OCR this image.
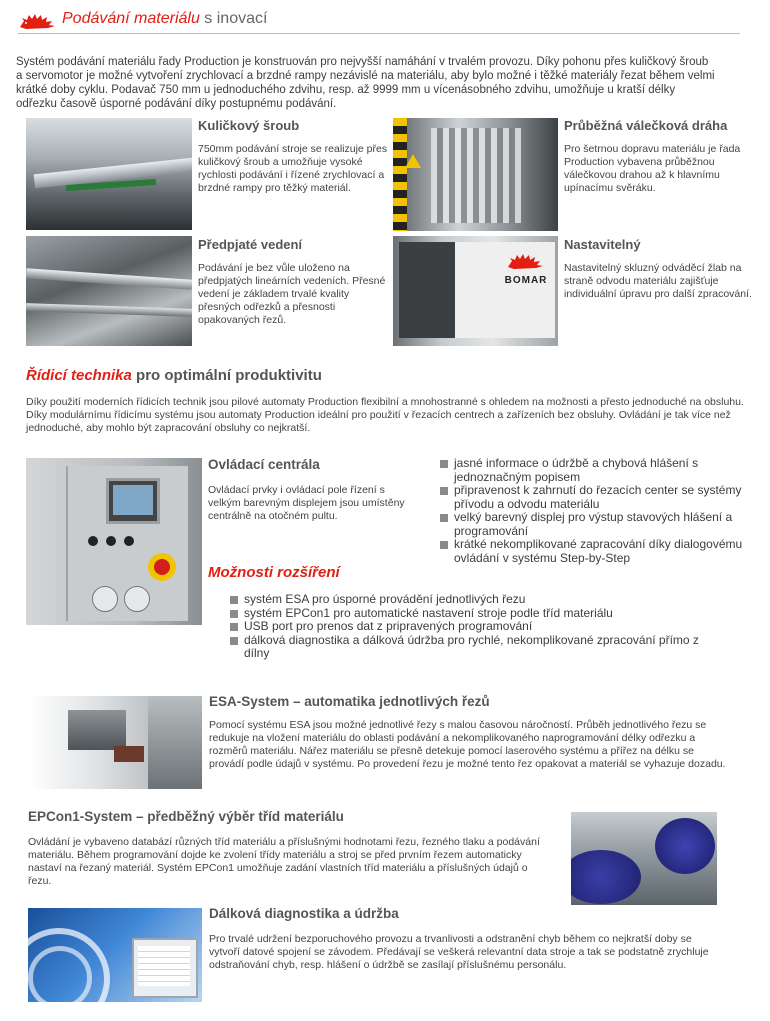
Podávání materiálu s inovací
Systém podávání materiálu řady Production je konstruován pro nejvyšší namáhání v trvalém provozu. Díky pohonu přes kuličkový šroub a servomotor je možné vytvoření zrychlovací a brzdné rampy nezávislé na materiálu, aby bylo možné i těžké materiály řezat během velmi krátké doby cyklu. Podavač 750 mm u jednoduchého zdvihu, resp. až 9999 mm u vícenásobného zdvihu, umožňuje u kratší délky odřezku časově úsporné podávání díky postupnému podávání.
BOMAR
Kuličkový šroub
750mm podávání stroje se realizuje přes kuličkový šroub a umožňuje vysoké rychlosti podávání i řízené zrychlovací a brzdné rampy pro těžký materiál.
Průběžná válečková dráha
Pro šetrnou dopravu materiálu je řada Production vybavena průběžnou válečkovou drahou až k hlavnímu upínacímu svěráku.
Předpjaté vedení
Podávání je bez vůle uloženo na předpjatých lineárních vedeních. Přesné vedení je základem trvalé kvality přesných odřezků a přesnosti opakovaných řezů.
Nastavitelný
Nastavitelný skluzný odváděcí žlab na straně odvodu materiálu zajišťuje individuální úpravu pro další zpracování.
Řídicí technika pro optimální produktivitu
Díky použití moderních řídicích technik jsou pilové automaty Production flexibilní a mnohostranné s ohledem na možnosti a přesto jednoduché na obsluhu. Díky modulárnímu řídicímu systému jsou automaty Production ideální pro použití v řezacích centrech a zařízeních bez obsluhy. Ovládání je tak více než jednoduché, aby mohlo být zapracování obsluhy co nejkratší.
Ovládací centrála
Ovládací prvky i ovládací pole řízení s velkým barevným displejem jsou umístěny centrálně na otočném pultu.
jasné informace o údržbě a chybová hlášení s jednoznačným popisem
připravenost k zahrnutí do řezacích center se systémy přívodu a odvodu materiálu
velký barevný displej pro výstup stavových hlášení a programování
krátké nekomplikované zapracování díky dialogovému ovládání v systému Step-by-Step
Možnosti rozšíření
systém ESA pro úsporné provádění jednotlivých řezu
systém EPCon1 pro automatické nastavení stroje podle tříd materiálu
USB port pro prenos dat z pripravených programování
dálková diagnostika a dálková údržba pro rychlé, nekomplikované zpracování přímo z dílny
ESA-System – automatika jednotlivých řezů
Pomocí systému ESA jsou možné jednotlivé řezy s malou časovou náročností. Průběh jednotlivého řezu se redukuje na vložení materiálu do oblasti podávání a nekomplikovaného naprogramování délky odřezku a rozměrů materiálu. Nářez materiálu se přesně detekuje pomocí laserového systému a přířez na délku se provádí podle údajů v systému. Po provedení řezu je možné tento řez opakovat a materiál se vyhazuje dozadu.
EPCon1-System – předběžný výběr tříd materiálu
Ovládání je vybaveno databází různých tříd materiálu a příslušnými hodnotami řezu, řezného tlaku a podávání materiálu. Během programování dojde ke zvolení třídy materiálu a stroj se před prvním řezem automaticky nastaví na řezaný materiál. Systém EPCon1 umožňuje zadání vlastních tříd materiálu a příslušných údajů o řezu.
Dálková diagnostika a údržba
Pro trvalé udržení bezporuchového provozu a trvanlivosti a odstranění chyb během co nejkratší doby se vytvoří datové spojení se závodem. Předávají se veškerá relevantní data stroje a tak se podstatně zrychluje odstraňování chyb, resp. hlášení o údržbě se zasílají příslušnému personálu.
